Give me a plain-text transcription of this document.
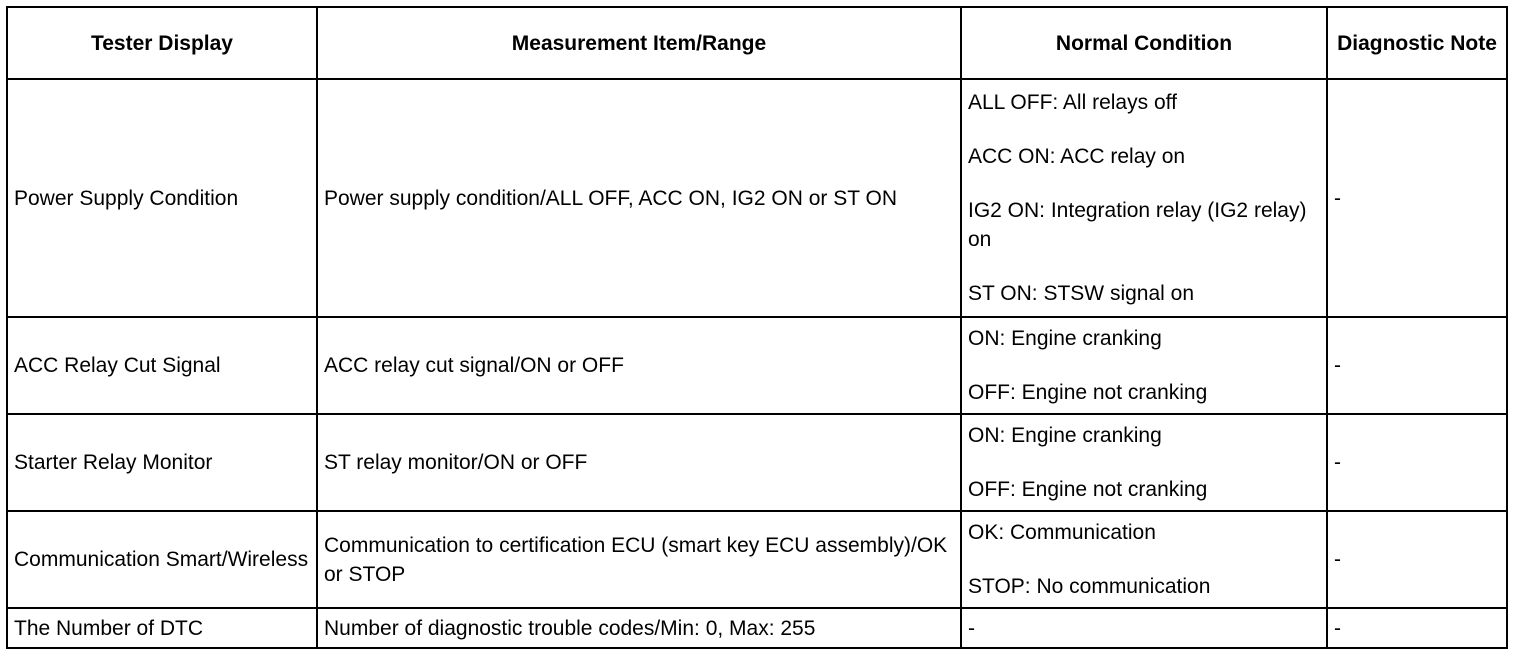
Tester Display	Measurement Item/Range	Normal Condition	Diagnostic Note
Power Supply Condition	Power supply condition/ALL OFF, ACC ON, IG2 ON or ST ON	ALL OFF: All relays off
ACC ON: ACC relay on
IG2 ON: Integration relay (IG2 relay) on
ST ON: STSW signal on	-
ACC Relay Cut Signal	ACC relay cut signal/ON or OFF	ON: Engine cranking
OFF: Engine not cranking	-
Starter Relay Monitor	ST relay monitor/ON or OFF	ON: Engine cranking
OFF: Engine not cranking	-
Communication Smart/Wireless	Communication to certification ECU (smart key ECU assembly)/OK or STOP	OK: Communication
STOP: No communication	-
The Number of DTC	Number of diagnostic trouble codes/Min: 0, Max: 255	-	-
